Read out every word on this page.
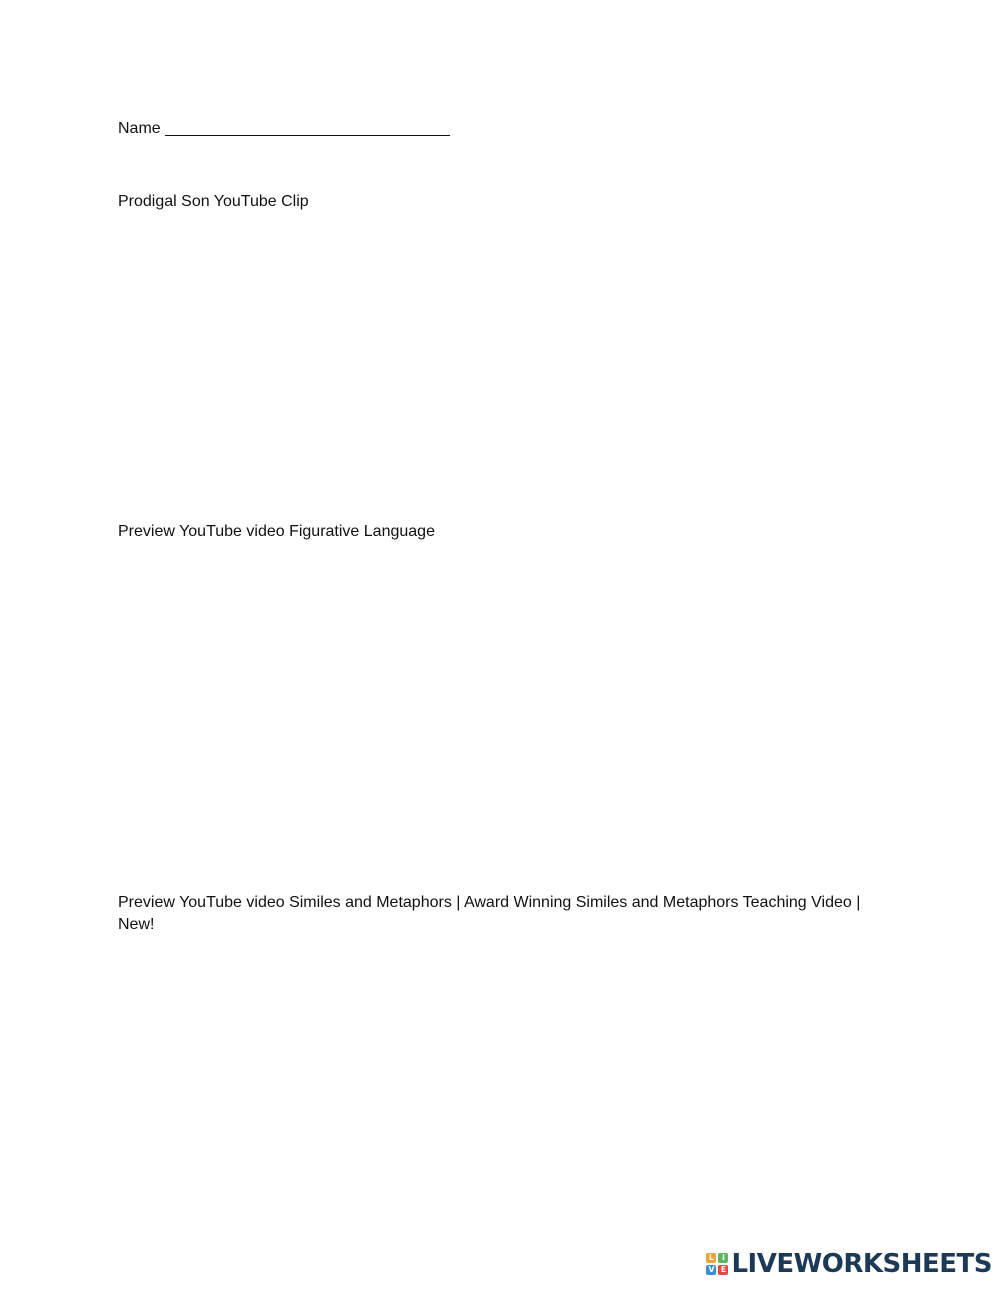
Name ________________________________
Prodigal Son YouTube Clip
Preview YouTube video Figurative Language
Preview YouTube video Similes and Metaphors | Award Winning Similes and Metaphors Teaching Video | New!
L I
V E LIVEWORKSHEETS
